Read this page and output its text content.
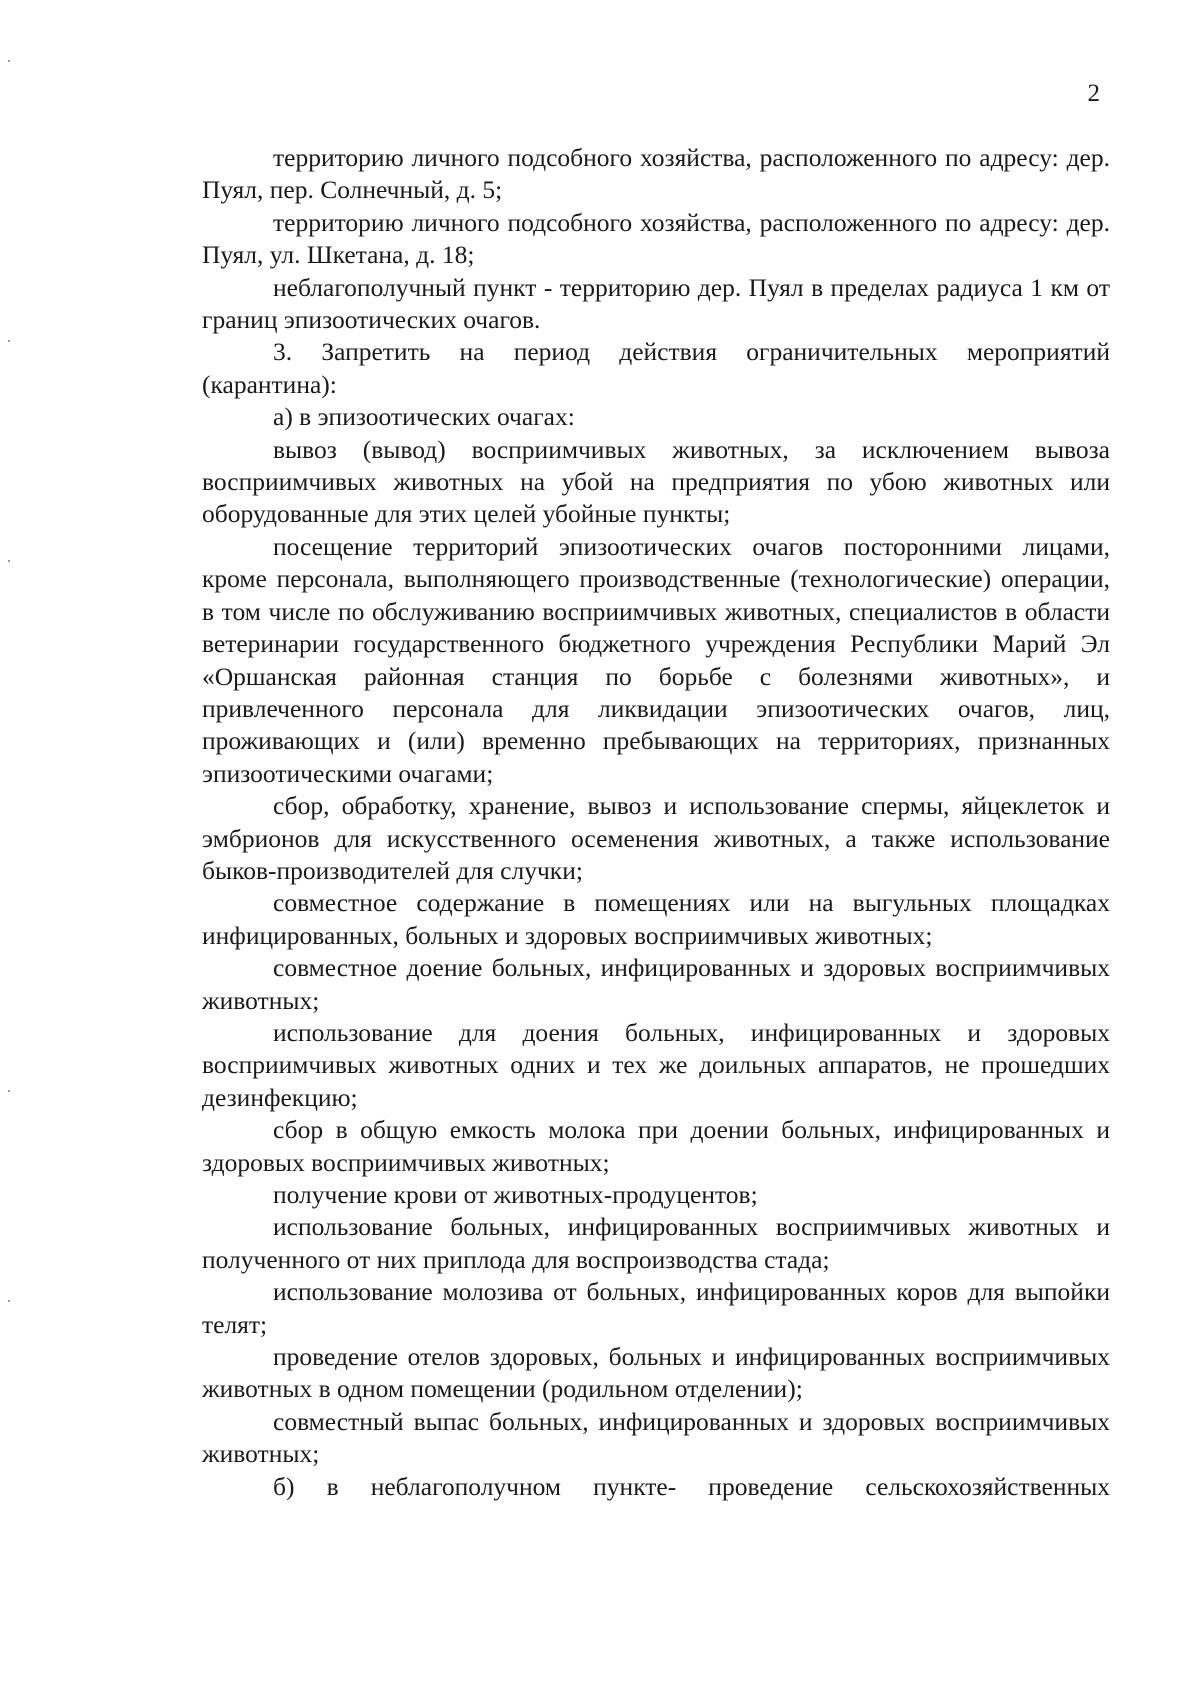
2

территорию личного подсобного хозяйства, расположенного по адресу: дер. Пуял, пер. Солнечный, д. 5;

территорию личного подсобного хозяйства, расположенного по адресу: дер. Пуял, ул. Шкетана, д. 18;

неблагополучный пункт - территорию дер. Пуял в пределах радиуса 1 км от границ эпизоотических очагов.

3. Запретить на период действия ограничительных мероприятий (карантина):

а) в эпизоотических очагах:

вывоз (вывод) восприимчивых животных, за исключением вывоза восприимчивых животных на убой на предприятия по убою животных или оборудованные для этих целей убойные пункты;

посещение территорий эпизоотических очагов посторонними лицами, кроме персонала, выполняющего производственные (технологические) операции, в том числе по обслуживанию восприимчивых животных, специалистов в области ветеринарии государственного бюджетного учреждения Республики Марий Эл «Оршанская районная станция по борьбе с болезнями животных», и привлеченного персонала для ликвидации эпизоотических очагов, лиц, проживающих и (или) временно пребывающих на территориях, признанных эпизоотическими очагами;

сбор, обработку, хранение, вывоз и использование спермы, яйцеклеток и эмбрионов для искусственного осеменения животных, а также использование быков-производителей для случки;

совместное содержание в помещениях или на выгульных площадках инфицированных, больных и здоровых восприимчивых животных;

совместное доение больных, инфицированных и здоровых восприимчивых животных;

использование для доения больных, инфицированных и здоровых восприимчивых животных одних и тех же доильных аппаратов, не прошедших дезинфекцию;

сбор в общую емкость молока при доении больных, инфицированных и здоровых восприимчивых животных;

получение крови от животных-продуцентов;

использование больных, инфицированных восприимчивых животных и полученного от них приплода для воспроизводства стада;

использование молозива от больных, инфицированных коров для выпойки телят;

проведение отелов здоровых, больных и инфицированных восприимчивых животных в одном помещении (родильном отделении);

совместный выпас больных, инфицированных и здоровых восприимчивых животных;

б) в неблагополучном пункте- проведение сельскохозяйственных
